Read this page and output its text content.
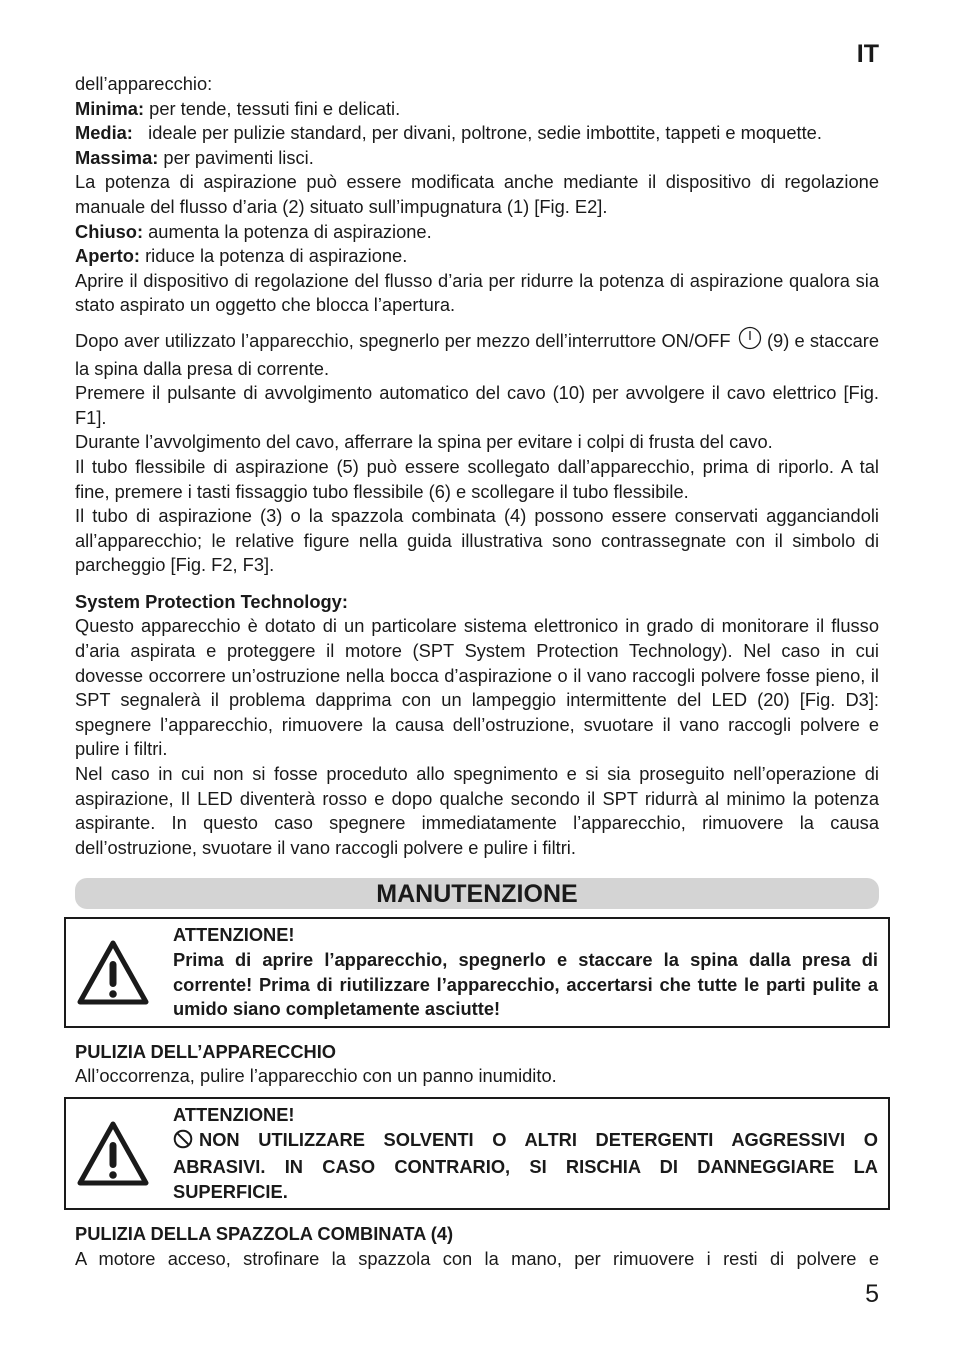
IT

dell’apparecchio:

Minima: per tende, tessuti fini e delicati.

Media:   ideale per pulizie standard, per divani, poltrone, sedie imbottite, tappeti e moquette.

Massima: per pavimenti lisci.

La potenza di aspirazione può essere modificata anche mediante il dispositivo di regolazione manuale del flusso d’aria (2) situato sull’impugnatura (1) [Fig. E2].

Chiuso: aumenta la potenza di aspirazione.

Aperto: riduce la potenza di aspirazione.

Aprire il dispositivo di regolazione del flusso d’aria per ridurre la potenza di aspirazione qualora sia stato aspirato un oggetto che blocca l’apertura.

Dopo aver utilizzato l’apparecchio, spegnerlo per mezzo dell’interruttore ON/OFF  (9) e staccare la spina dalla presa di corrente.

Premere il pulsante di avvolgimento automatico del cavo (10) per avvolgere il cavo elettrico [Fig. F1].

Durante l’avvolgimento del cavo, afferrare la spina per evitare i colpi di frusta del cavo.

Il tubo flessibile di aspirazione (5) può essere scollegato dall’apparecchio, prima di riporlo. A tal fine, premere i tasti fissaggio tubo flessibile (6) e scollegare il tubo flessibile.

Il tubo di aspirazione (3) o la spazzola combinata (4) possono essere conservati agganciandoli all’apparecchio; le relative figure nella guida illustrativa sono contrassegnate con il simbolo di parcheggio [Fig. F2, F3].

System Protection Technology:

Questo apparecchio è dotato di un particolare sistema elettronico in grado di monitorare il flusso d’aria aspirata e proteggere il motore (SPT System Protection Technology). Nel caso in cui dovesse occorrere un’ostruzione nella bocca d’aspirazione o il vano raccogli polvere fosse pieno, il SPT segnalerà il problema dapprima con un lampeggio intermittente del LED (20) [Fig. D3]: spegnere l’apparecchio, rimuovere la causa dell’ostruzione, svuotare il vano raccogli polvere e pulire i filtri.

Nel caso in cui non si fosse proceduto allo spegnimento e si sia proseguito nell’operazione di aspirazione, Il LED diventerà rosso e dopo qualche secondo il SPT ridurrà al minimo la potenza aspirante. In questo caso spegnere immediatamente l’apparecchio, rimuovere la causa dell’ostruzione, svuotare il vano raccogli polvere e pulire i filtri.

MANUTENZIONE

ATTENZIONE!

Prima di aprire l’apparecchio, spegnerlo e staccare la spina dalla presa di corrente! Prima di riutilizzare l’apparecchio, accertarsi che tutte le parti pulite a umido siano completamente asciutte!

PULIZIA DELL’APPARECCHIO

All’occorrenza, pulire l’apparecchio con un panno inumidito.

ATTENZIONE!

NON UTILIZZARE SOLVENTI O ALTRI DETERGENTI AGGRESSIVI O ABRASIVI. IN CASO CONTRARIO, SI RISCHIA DI DANNEGGIARE LA SUPERFICIE.

PULIZIA DELLA SPAZZOLA COMBINATA (4)

A motore acceso, strofinare la spazzola con la mano, per rimuovere i resti di polvere e

5
